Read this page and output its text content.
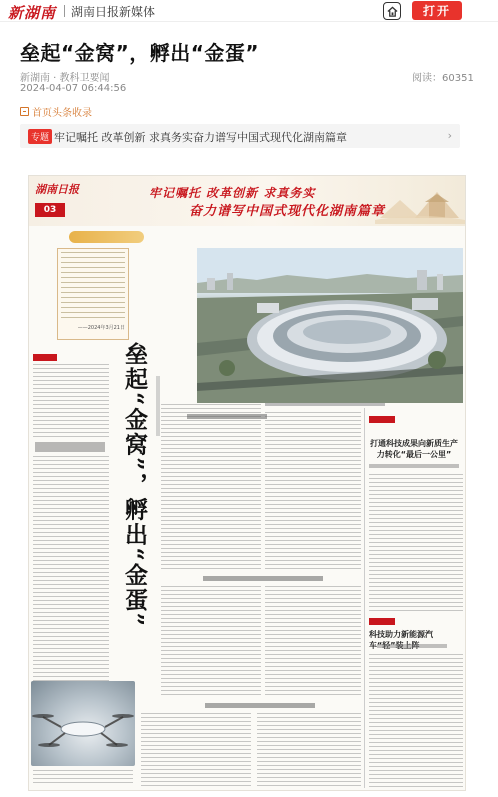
新湖南 湖南日报新媒体	打开
垒起“金窝”，孵出“金蛋”
新湖南 · 教科卫要闻
2024-04-07 06:44:56
阅读：60351
首页头条收录
专题 牢记嘱托 改革创新 求真务实奋力谱写中国式现代化湖南篇章	›
湖南日报
03
牢记嘱托 改革创新 求真务实
奋力谱写中国式现代化湖南篇章
——2024年3月21日
垒起“金窝”，孵出“金蛋”	打通科技成果向新质生产力转化“最后一公里”
科技助力新能源汽车“轻”装上阵
